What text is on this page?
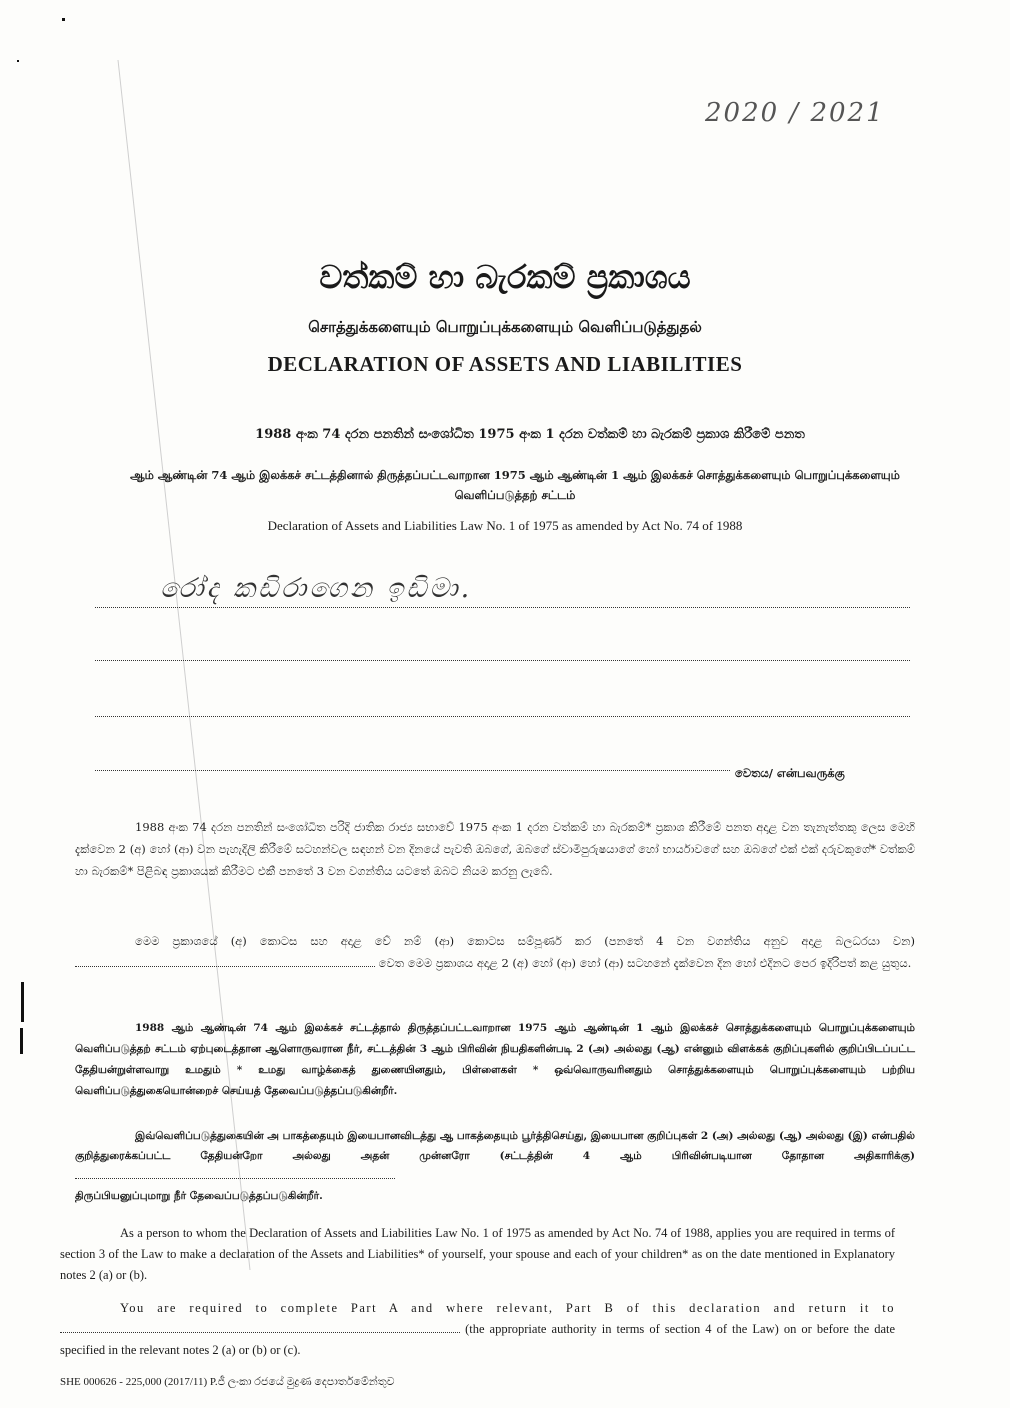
2020 / 2021
වත්කම් හා බැරකම් ප්‍රකාශය
சொத்துக்களையும் பொறுப்புக்களையும் வெளிப்படுத்துதல்
DECLARATION OF ASSETS AND LIABILITIES
1988 අංක 74 දරන පනතින් සංශෝධිත 1975 අංක 1 දරන වත්කම් හා බැරකම් ප්‍රකාශ කිරීමේ පනත
ஆம் ஆண்டின் 74 ஆம் இலக்கச் சட்டத்தினால் திருத்தப்பட்டவாறான 1975 ஆம் ஆண்டின் 1 ஆம் இலக்கச் சொத்துக்களையும் பொறுப்புக்களையும்
வெளிப்படுத்தற் சட்டம்
Declaration of Assets and Liabilities Law No. 1 of 1975 as amended by Act No. 74 of 1988
රෝද කඩිරාගෙන ඉඩිමා.
වෙතය/ என்பவருக்கு
1988 අංක 74 දරන පනතින් සංශෝධිත පරිදි ජාතික රාජ්‍ය සභාවේ 1975 අංක 1 දරන වත්කම් හා බැරකම්* ප්‍රකාශ කිරීමේ පනත අදාළ වන තැනැත්තකු ලෙස මෙහි දැක්වෙන 2 (අ) හෝ (ආ) වන පැහැදිලි කිරීමේ සටහන්වල සඳහන් වන දිනයේ පැවති ඔබගේ, ඔබගේ ස්වාමිපුරුෂයාගේ හෝ භාර්යාවගේ සහ ඔබගේ එක් එක් දරුවකුගේ* වත්කම් හා බැරකම්* පිළිබඳ ප්‍රකාශයක් කිරීමට එකී පනතේ 3 වන වගන්තිය යටතේ ඔබට නියම කරනු ලැබේ.
මෙම ප්‍රකාශයේ (අ) කොටස සහ අදාළ වේ නම් (ආ) කොටස සම්පූර්ණ කර (පනතේ 4 වන වගන්තිය අනුව අදාළ බලධරයා වන)  වෙත මෙම ප්‍රකාශය අදාළ 2 (අ) හෝ (ආ) හෝ (ආ) සටහනේ දැක්වෙන දින හෝ එදිනට පෙර ඉදිරිපත් කළ යුතුය.
1988 ஆம் ஆண்டின் 74 ஆம் இலக்கச் சட்டத்தால் திருத்தப்பட்டவாறான 1975 ஆம் ஆண்டின் 1 ஆம் இலக்கச் சொத்துக்களையும் பொறுப்புக்களையும் வெளிப்படுத்தற் சட்டம் ஏற்புடைத்தான ஆளொருவரான நீர், சட்டத்தின் 3 ஆம் பிரிவின் நியதிகளின்படி 2 (அ) அல்லது (ஆ) என்னும் விளக்கக் குறிப்புகளில் குறிப்பிடப்பட்ட தேதியன்றுள்ளவாறு உமதும் * உமது வாழ்க்கைத் துணையினதும், பிள்ளைகள் * ஒவ்வொருவரினதும் சொத்துக்களையும் பொறுப்புக்களையும் பற்றிய வெளிப்படுத்துகையொன்றைச் செய்யத் தேவைப்படுத்தப்படுகின்றீர்.
இவ்வெளிப்படுத்துகையின் அ பாகத்தையும் இயைபானவிடத்து ஆ பாகத்தையும் பூர்த்திசெய்து, இயைபான குறிப்புகள் 2 (அ) அல்லது (ஆ) அல்லது (இ) என்பதில் குறித்துரைக்கப்பட்ட தேதியன்றோ அல்லது அதன் முன்னரோ (சட்டத்தின் 4 ஆம் பிரிவின்படியான தோதான அதிகாரிக்கு)
திருப்பியனுப்புமாறு நீர் தேவைப்படுத்தப்படுகின்றீர்.
As a person to whom the Declaration of Assets and Liabilities Law No. 1 of 1975 as amended by Act No. 74 of 1988, applies you are required in terms of section 3 of the Law to make a declaration of the Assets and Liabilities* of yourself, your spouse and each of your children* as on the date mentioned in Explanatory notes 2 (a) or (b).
You are required to complete Part A and where relevant, Part B of this declaration and return it to  (the appropriate authority in terms of section 4 of the Law) on or before the date specified in the relevant notes 2 (a) or (b) or (c).
SHE 000626 - 225,000 (2017/11) P.ජී ලංකා රජයේ මුද්‍රණ දෙපාර්තමේන්තුව
